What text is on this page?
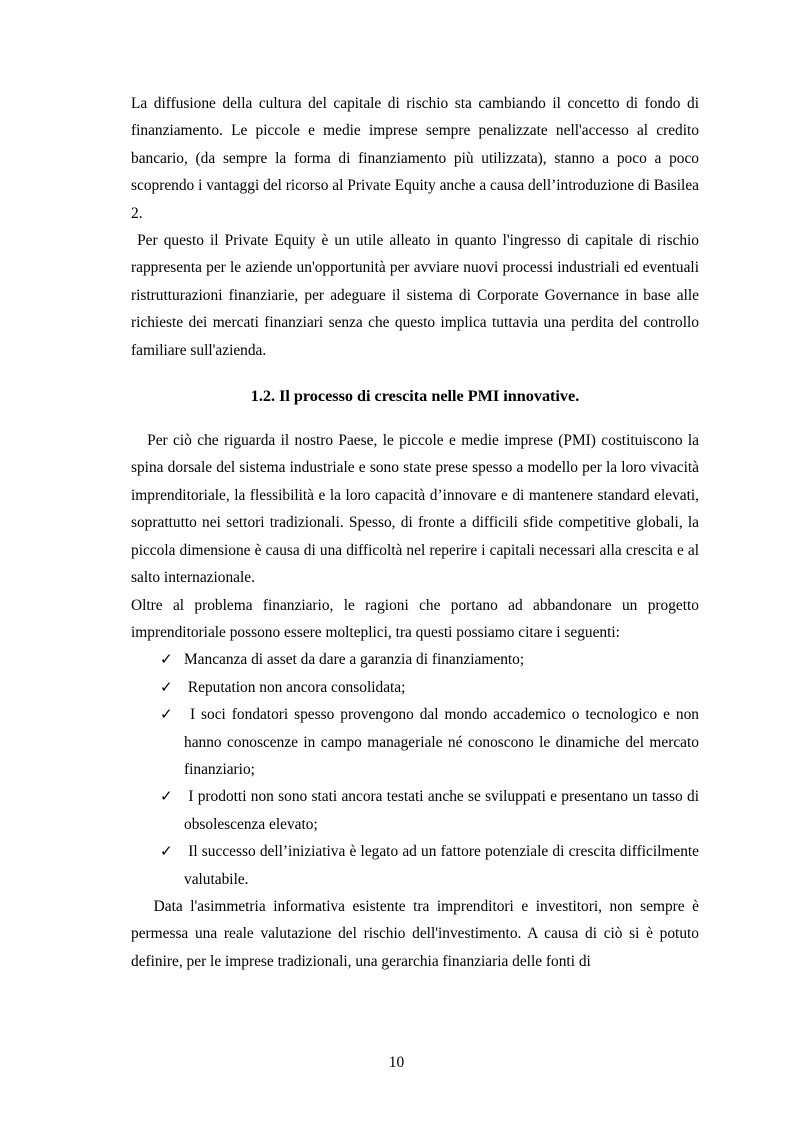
La diffusione della cultura del capitale di rischio sta cambiando il concetto di fondo di finanziamento. Le piccole e medie imprese sempre penalizzate nell'accesso al credito bancario, (da sempre la forma di finanziamento più utilizzata), stanno a poco a poco scoprendo i vantaggi del ricorso al Private Equity anche a causa dell’introduzione di Basilea 2.

Per questo il Private Equity è un utile alleato in quanto l'ingresso di capitale di rischio rappresenta per le aziende un'opportunità per avviare nuovi processi industriali ed eventuali ristrutturazioni finanziarie, per adeguare il sistema di Corporate Governance in base alle richieste dei mercati finanziari senza che questo implica tuttavia una perdita del controllo familiare sull'azienda.

1.2. Il processo di crescita nelle PMI innovative.

Per ciò che riguarda il nostro Paese, le piccole e medie imprese (PMI) costituiscono la spina dorsale del sistema industriale e sono state prese spesso a modello per la loro vivacità imprenditoriale, la flessibilità e la loro capacità d’innovare e di mantenere standard elevati, soprattutto nei settori tradizionali. Spesso, di fronte a difficili sfide competitive globali, la piccola dimensione è causa di una difficoltà nel reperire i capitali necessari alla crescita e al salto internazionale.

Oltre al problema finanziario, le ragioni che portano ad abbandonare un progetto imprenditoriale possono essere molteplici, tra questi possiamo citare i seguenti:

✓ Mancanza di asset da dare a garanzia di finanziamento;
✓ Reputation non ancora consolidata;
✓ I soci fondatori spesso provengono dal mondo accademico o tecnologico e non hanno conoscenze in campo manageriale né conoscono le dinamiche del mercato finanziario;
✓ I prodotti non sono stati ancora testati anche se sviluppati e presentano un tasso di obsolescenza elevato;
✓ Il successo dell’iniziativa è legato ad un fattore potenziale di crescita difficilmente valutabile.

Data l'asimmetria informativa esistente tra imprenditori e investitori, non sempre è permessa una reale valutazione del rischio dell'investimento. A causa di ciò si è potuto definire, per le imprese tradizionali, una gerarchia finanziaria delle fonti di

10
